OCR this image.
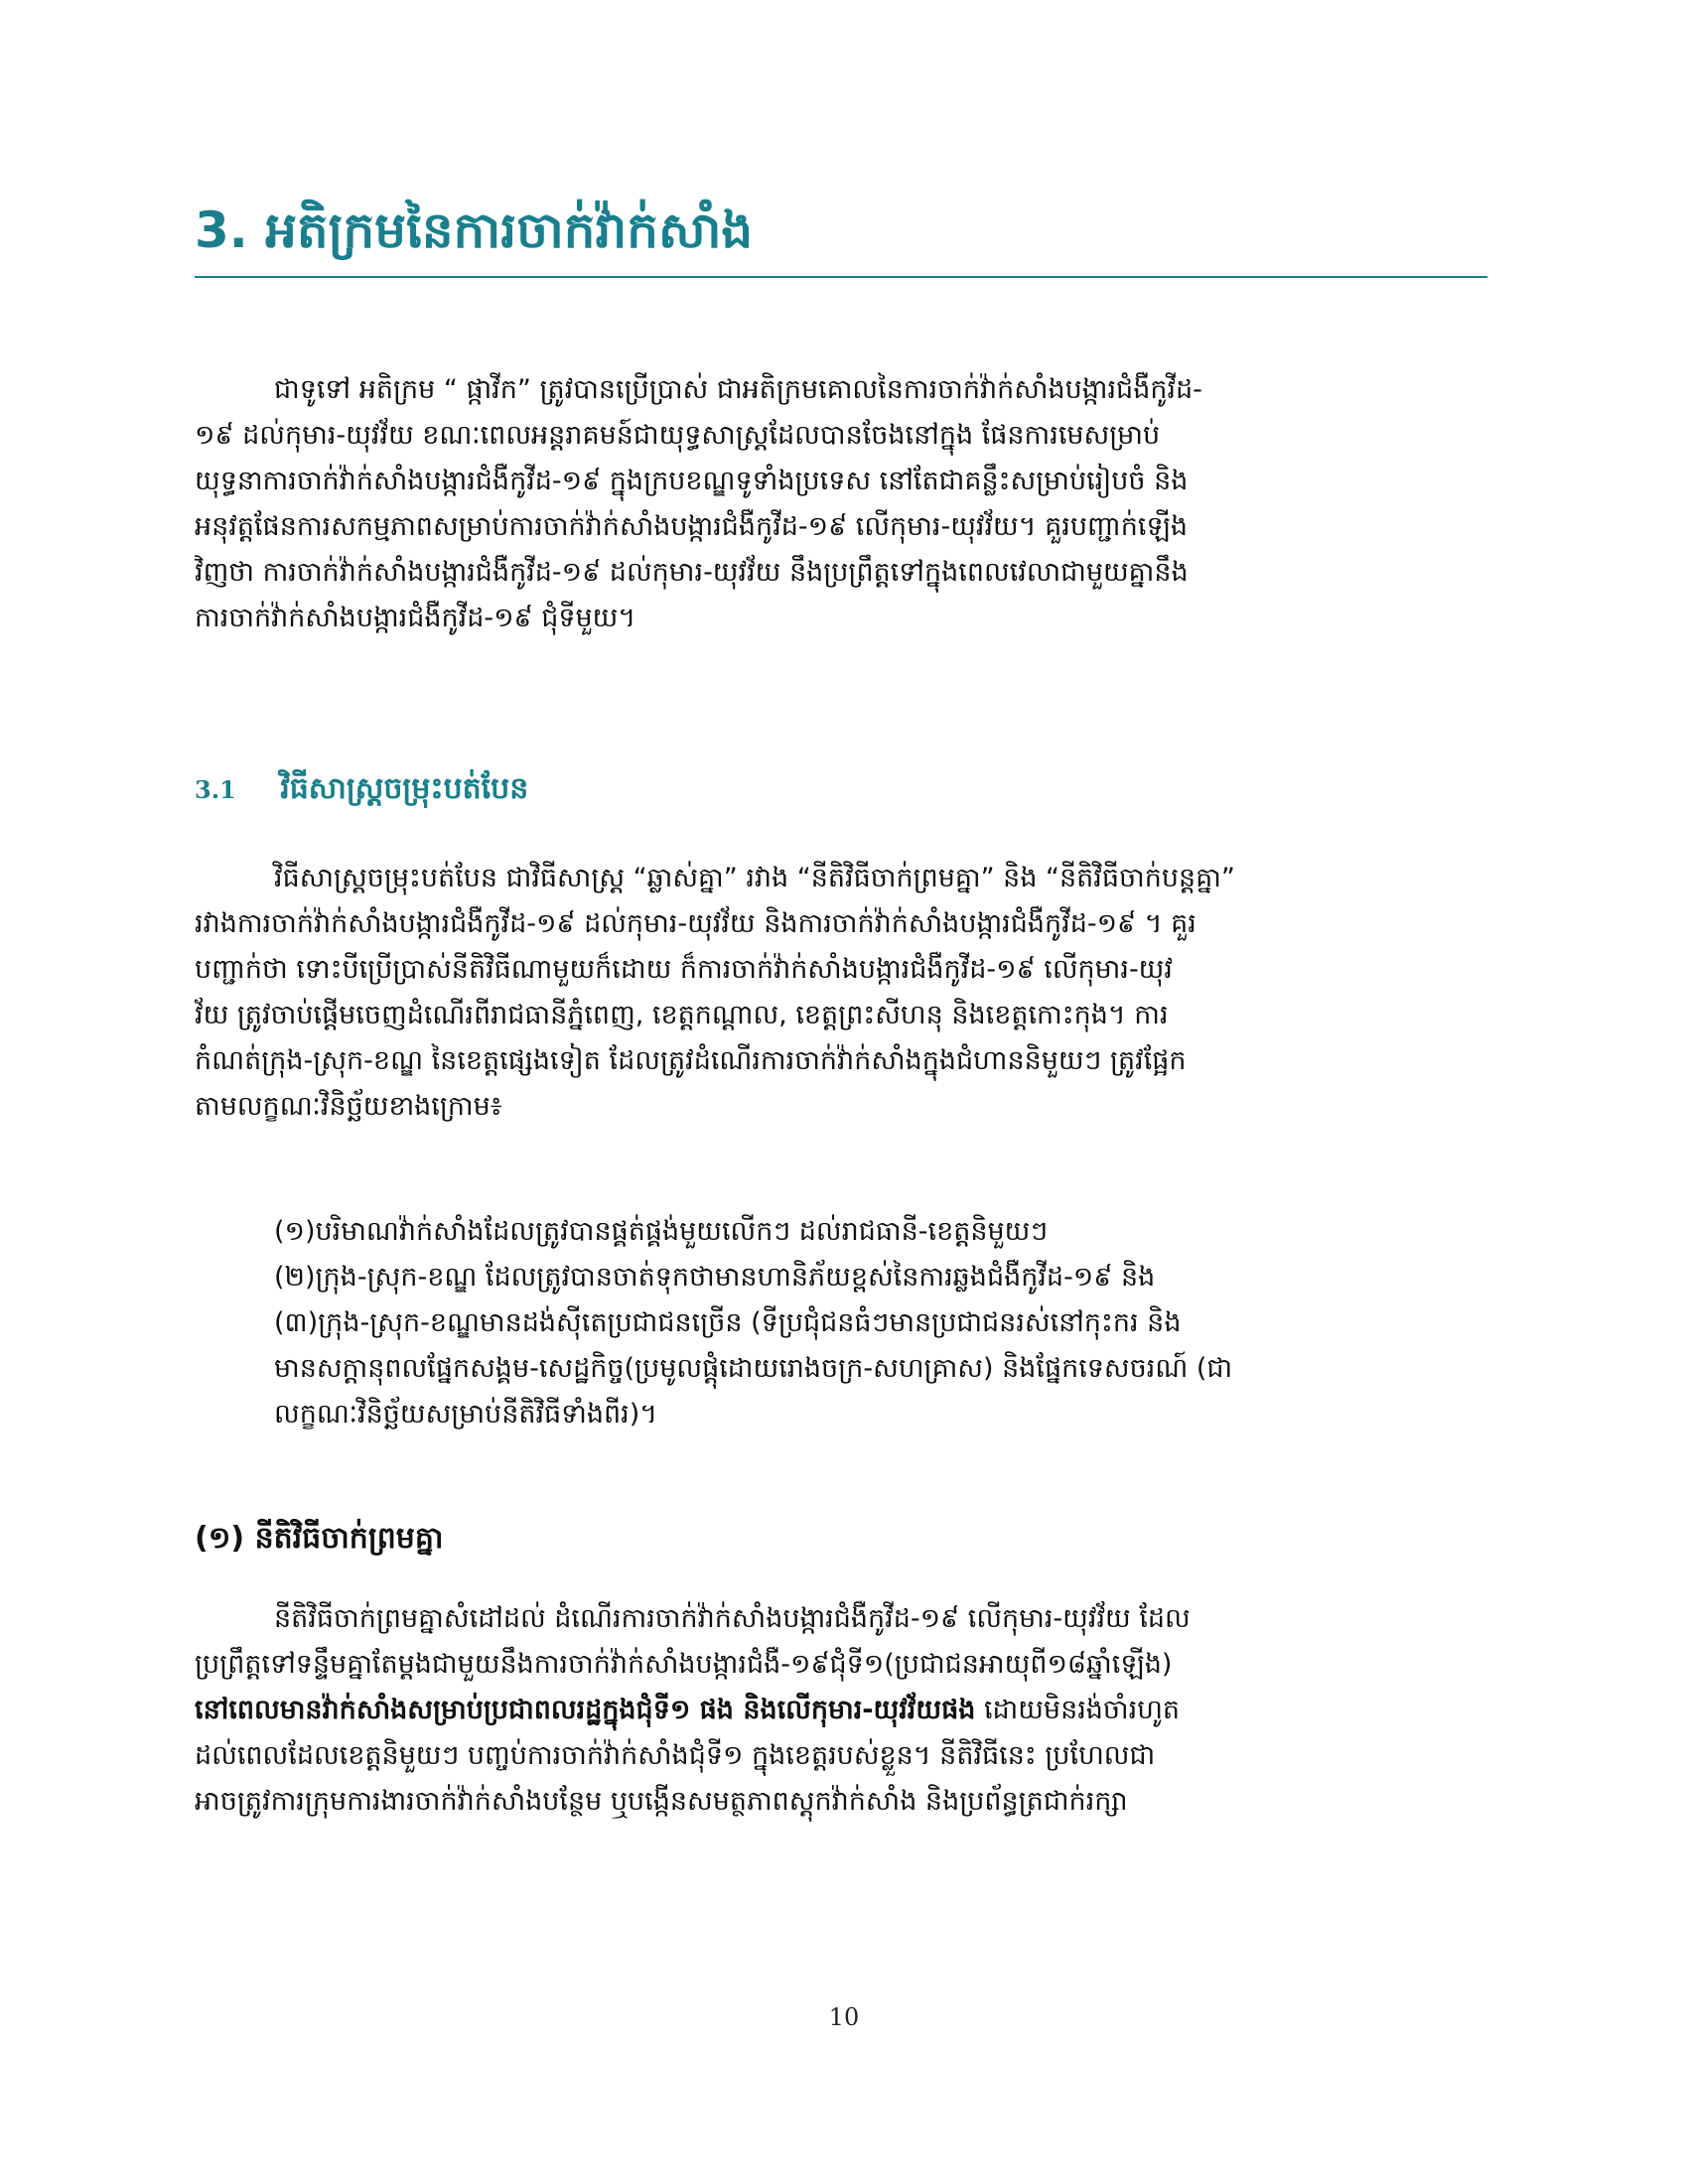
3. អតិក្រមនៃការចាក់វ៉ាក់សាំង
ជាទូទៅ អតិក្រម “ ផ្កាវីក” ត្រូវបានប្រើប្រាស់ ជាអតិក្រមគោលនៃការចាក់វ៉ាក់សាំងបង្ការជំងឺកូវីដ-
១៩ ដល់កុមារ-យុវវ័យ ខណៈពេលអន្តរាគមន៍ជាយុទ្ធសាស្ត្រដែលបានចែងនៅក្នុង ផែនការមេសម្រាប់
យុទ្ធនាការចាក់វ៉ាក់សាំងបង្ការជំងឺកូវីដ-១៩ ក្នុងក្របខណ្ឌទូទាំងប្រទេស នៅតែជាគន្លឹះសម្រាប់រៀបចំ និង
អនុវត្តផែនការសកម្មភាពសម្រាប់ការចាក់វ៉ាក់សាំងបង្ការជំងឺកូវីដ-១៩ លើកុមារ-យុវវ័យ។ គួរបញ្ជាក់ឡើង
វិញថា ការចាក់វ៉ាក់សាំងបង្ការជំងឺកូវីដ-១៩ ដល់កុមារ-យុវវ័យ នឹងប្រព្រឹត្តទៅក្នុងពេលវេលាជាមួយគ្នានឹង
ការចាក់វ៉ាក់សាំងបង្ការជំងឺកូវីដ-១៩ ជុំទីមួយ។
3.1 វិធីសាស្ត្រចម្រុះបត់បែន
វិធីសាស្ត្រចម្រុះបត់បែន ជាវិធីសាស្ត្រ “ឆ្លាស់គ្នា” រវាង “នីតិវិធីចាក់ព្រមគ្នា” និង “នីតិវិធីចាក់បន្តគ្នា”
រវាងការចាក់វ៉ាក់សាំងបង្ការជំងឺកូវីដ-១៩ ដល់កុមារ-យុវវ័យ និងការចាក់វ៉ាក់សាំងបង្ការជំងឺកូវីដ-១៩ ។ គួរ
បញ្ជាក់ថា ទោះបីប្រើប្រាស់នីតិវិធីណាមួយក៏ដោយ ក៏ការចាក់វ៉ាក់សាំងបង្ការជំងឺកូវីដ-១៩ លើកុមារ-យុវ
វ័យ ត្រូវចាប់ផ្តើមចេញដំណើរពីរាជធានីភ្នំពេញ, ខេត្តកណ្តាល, ខេត្តព្រះសីហនុ និងខេត្តកោះកុង។ ការ
កំណត់ក្រុង-ស្រុក-ខណ្ឌ នៃខេត្តផ្សេងទៀត ដែលត្រូវដំណើរការចាក់វ៉ាក់សាំងក្នុងជំហាននិមួយៗ ត្រូវផ្អែក
តាមលក្ខណៈវិនិច្ឆ័យខាងក្រោម៖
(១)បរិមាណវ៉ាក់សាំងដែលត្រូវបានផ្គត់ផ្គង់មួយលើកៗ ដល់រាជធានី-ខេត្តនិមួយៗ
(២)ក្រុង-ស្រុក-ខណ្ឌ ដែលត្រូវបានចាត់ទុកថាមានហានិភ័យខ្ពស់នៃការឆ្លងជំងឺកូវីដ-១៩ និង
(៣)ក្រុង-ស្រុក-ខណ្ឌមានដង់ស៊ីតេប្រជាជនច្រើន (ទីប្រជុំជនធំៗមានប្រជាជនរស់នៅកុះករ និង
មានសក្តានុពលផ្នែកសង្គម-សេដ្ឋកិច្ច(ប្រមូលផ្តុំដោយរោងចក្រ-សហគ្រាស) និងផ្នែកទេសចរណ៍ (ជា
លក្ខណៈវិនិច្ឆ័យសម្រាប់នីតិវិធីទាំងពីរ)។
(១) នីតិវិធីចាក់ព្រមគ្នា
នីតិវិធីចាក់ព្រមគ្នាសំដៅដល់ ដំណើរការចាក់វ៉ាក់សាំងបង្ការជំងឺកូវីដ-១៩ លើកុមារ-យុវវ័យ ដែល
ប្រព្រឹត្តទៅទន្ទឹមគ្នាតែម្តងជាមួយនឹងការចាក់វ៉ាក់សាំងបង្ការជំងឺ-១៩ជុំទី១(ប្រជាជនអាយុពី១៨ឆ្នាំឡើង)
នៅពេលមានវ៉ាក់សាំងសម្រាប់ប្រជាពលរដ្ឋក្នុងជុំទី១ ផង និងលើកុមារ-យុវវ័យផង ដោយមិនរង់ចាំរហូត
ដល់ពេលដែលខេត្តនិមួយៗ បញ្ចប់ការចាក់វ៉ាក់សាំងជុំទី១ ក្នុងខេត្តរបស់ខ្លួន។ នីតិវិធីនេះ ប្រហែលជា
អាចត្រូវការក្រុមការងារចាក់វ៉ាក់សាំងបន្ថែម ឬបង្កើនសមត្ថភាពស្តុកវ៉ាក់សាំង និងប្រព័ន្ធត្រជាក់រក្សា
10
